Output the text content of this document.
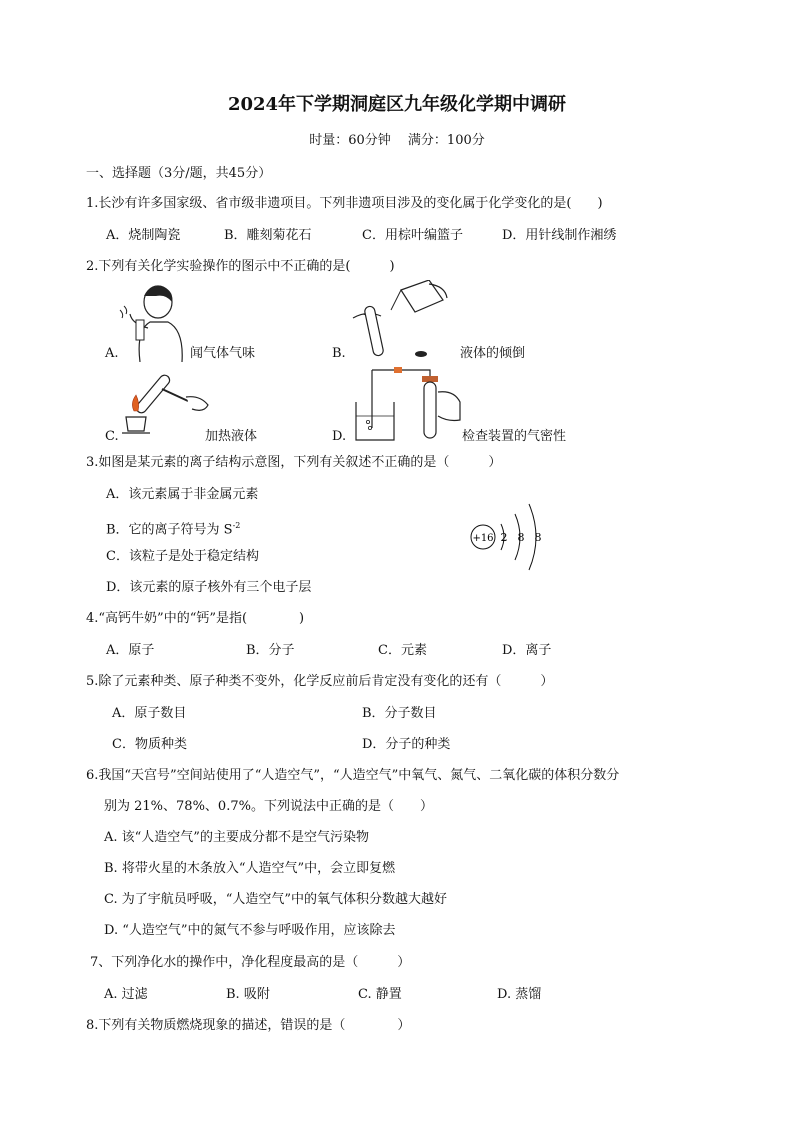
2024年下学期洞庭区九年级化学期中调研
时量：60分钟　 满分：100分
一、选择题（3分/题，共45分）
1.长沙有许多国家级、省市级非遗项目。下列非遗项目涉及的变化属于化学变化的是(　　)
A．烧制陶瓷	B．雕刻菊花石	C．用棕叶编篮子	D．用针线制作湘绣
2.下列有关化学实验操作的图示中不正确的是(　　　)
A.	闻气体气味	B.	液体的倾倒
C.	加热液体	D.	检查装置的气密性
3.如图是某元素的离子结构示意图，下列有关叙述不正确的是（　　　）
A．该元素属于非金属元素
B．它的离子符号为 $S^{-2}$
C．该粒子是处于稳定结构
D．该元素的原子核外有三个电子层
+16 2 8 8
4.“高钙牛奶”中的“钙”是指(　　　　)
A．原子	B．分子	C．元素	D．离子
5.除了元素种类、原子种类不变外，化学反应前后肯定没有变化的还有（　　　）
A．原子数目	B．分子数目
C．物质种类	D．分子的种类
6.我国“天宫号”空间站使用了“人造空气”，“人造空气”中氧气、氮气、二氧化碳的体积分数分
别为 21%、78%、0.7%。下列说法中正确的是（　　）
A. 该“人造空气”的主要成分都不是空气污染物
B. 将带火星的木条放入“人造空气”中，会立即复燃
C. 为了宇航员呼吸，“人造空气”中的氧气体积分数越大越好
D. “人造空气”中的氮气不参与呼吸作用，应该除去
7、下列净化水的操作中，净化程度最高的是（　　　）
A. 过滤	B. 吸附	C. 静置	D. 蒸馏
8.下列有关物质燃烧现象的描述，错误的是（　　　　）
